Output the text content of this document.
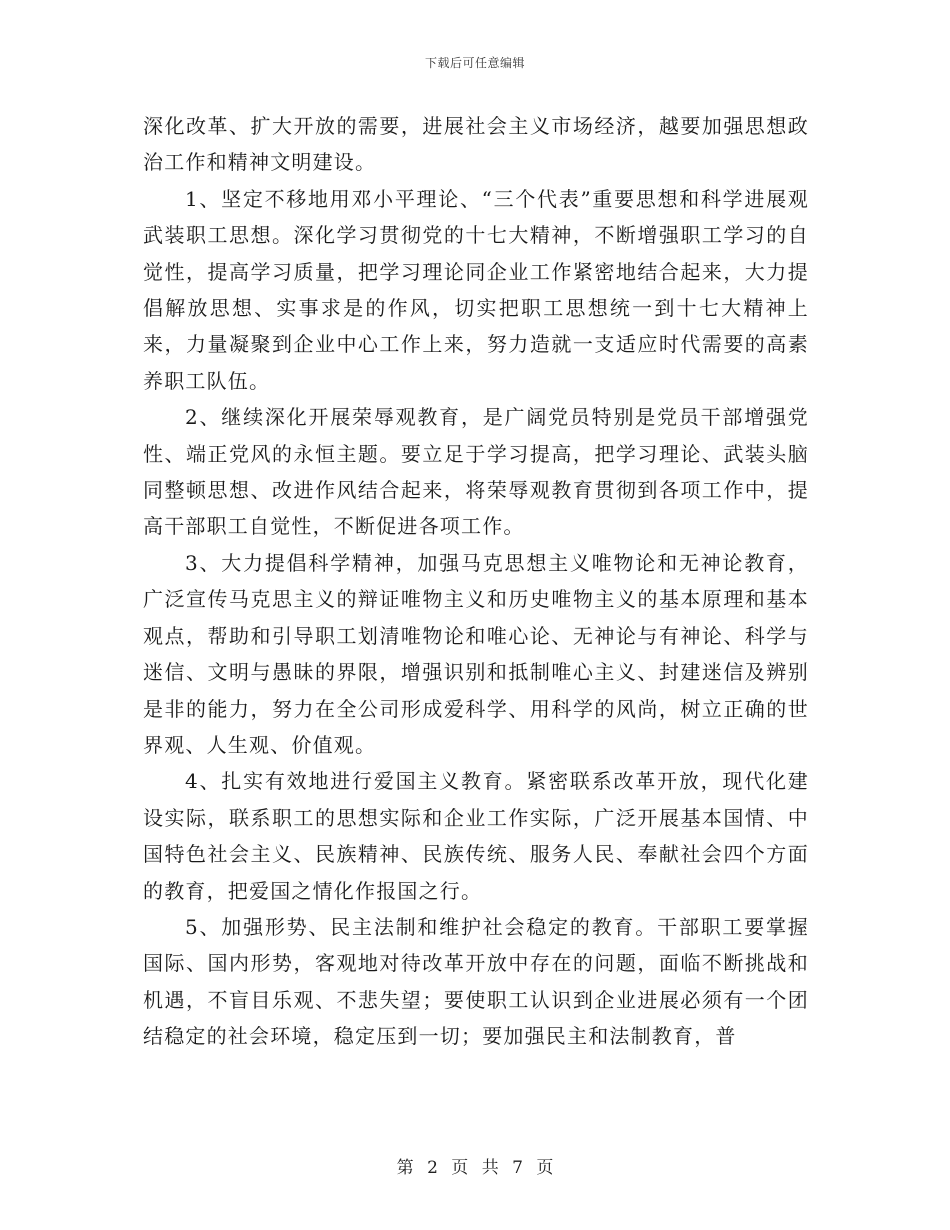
下载后可任意编辑

深化改革、扩大开放的需要，进展社会主义市场经济，越要加强思想政治工作和精神文明建设。

1、坚定不移地用邓小平理论、“三个代表”重要思想和科学进展观武装职工思想。深化学习贯彻党的十七大精神，不断增强职工学习的自觉性，提高学习质量，把学习理论同企业工作紧密地结合起来，大力提倡解放思想、实事求是的作风，切实把职工思想统一到十七大精神上来，力量凝聚到企业中心工作上来，努力造就一支适应时代需要的高素养职工队伍。

2、继续深化开展荣辱观教育，是广阔党员特别是党员干部增强党性、端正党风的永恒主题。要立足于学习提高，把学习理论、武装头脑同整顿思想、改进作风结合起来，将荣辱观教育贯彻到各项工作中，提高干部职工自觉性，不断促进各项工作。

3、大力提倡科学精神，加强马克思想主义唯物论和无神论教育，广泛宣传马克思主义的辩证唯物主义和历史唯物主义的基本原理和基本观点，帮助和引导职工划清唯物论和唯心论、无神论与有神论、科学与迷信、文明与愚昧的界限，增强识别和抵制唯心主义、封建迷信及辨别是非的能力，努力在全公司形成爱科学、用科学的风尚，树立正确的世界观、人生观、价值观。

4、扎实有效地进行爱国主义教育。紧密联系改革开放，现代化建设实际，联系职工的思想实际和企业工作实际，广泛开展基本国情、中国特色社会主义、民族精神、民族传统、服务人民、奉献社会四个方面的教育，把爱国之情化作报国之行。

5、加强形势、民主法制和维护社会稳定的教育。干部职工要掌握国际、国内形势，客观地对待改革开放中存在的问题，面临不断挑战和机遇，不盲目乐观、不悲失望；要使职工认识到企业进展必须有一个团结稳定的社会环境，稳定压到一切；要加强民主和法制教育，普

第 2 页 共 7 页
